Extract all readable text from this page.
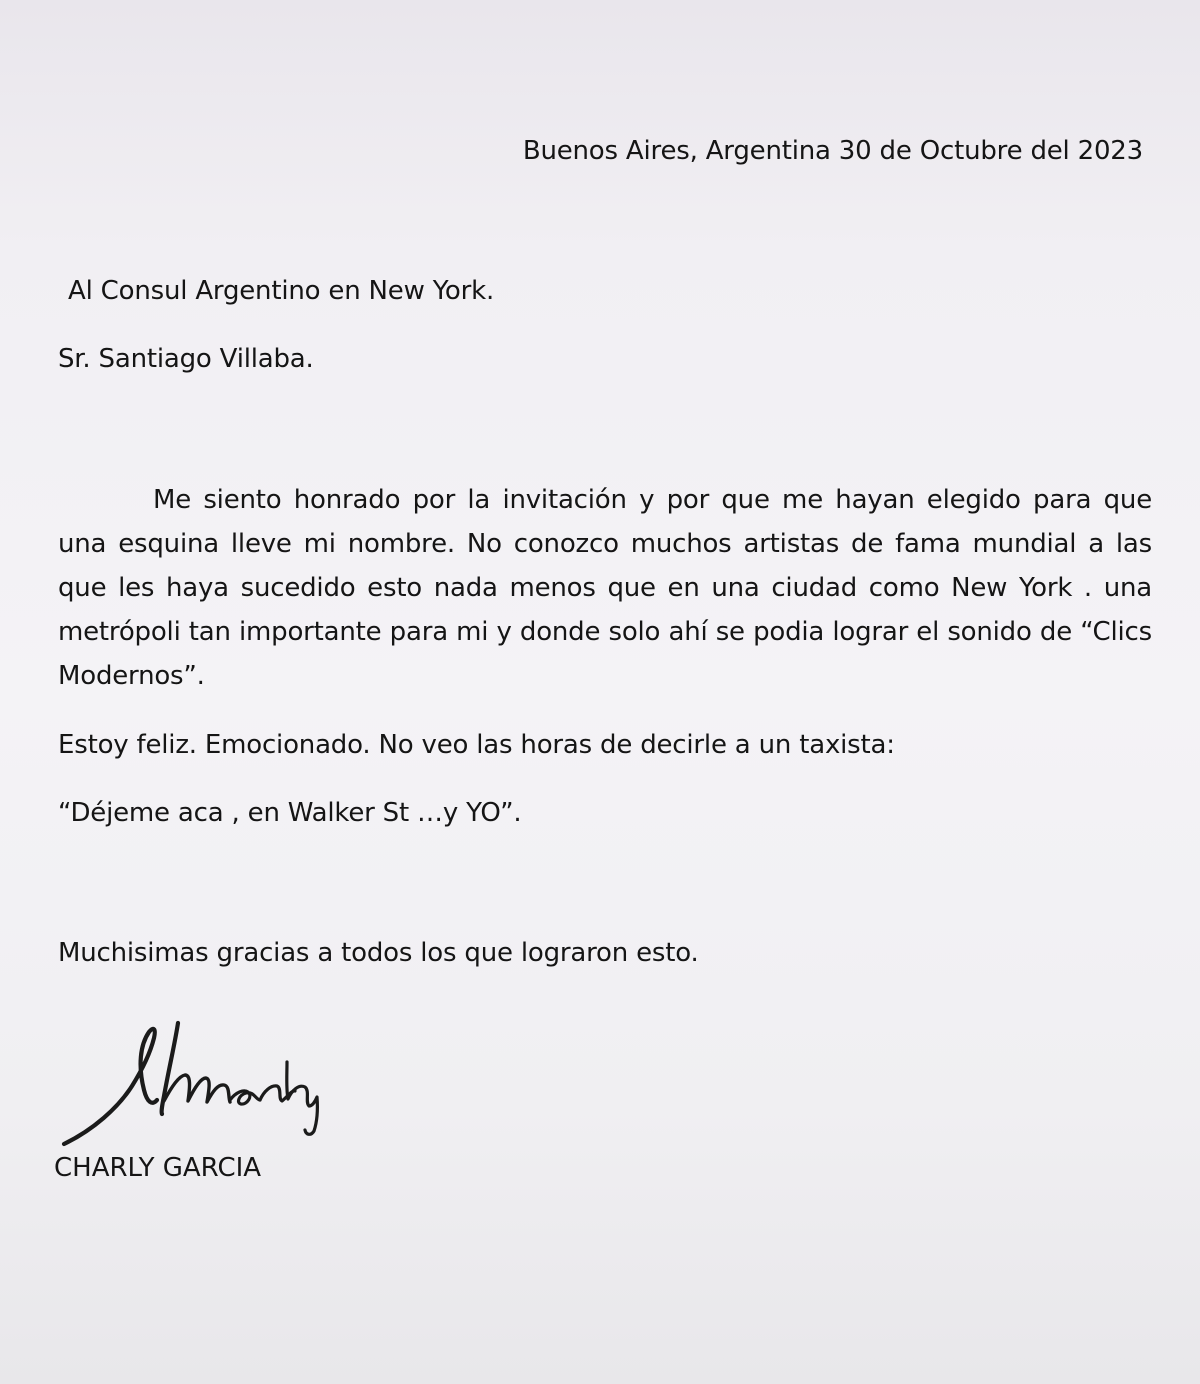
Buenos Aires, Argentina 30 de Octubre del 2023
Al Consul Argentino en New York.
Sr. Santiago Villaba.

Me siento honrado por la invitación y por que me hayan elegido para que una esquina lleve mi nombre. No conozco muchos artistas de fama mundial a las que les haya sucedido esto nada menos que en una ciudad como New York . una metrópoli tan importante para mi y donde solo ahí se podia lograr el sonido de “Clics Modernos”.

Estoy feliz. Emocionado. No veo las horas de decirle a un taxista:
“Déjeme aca , en Walker St …y YO”.
Muchisimas gracias a todos los que lograron esto.
CHARLY GARCIA
